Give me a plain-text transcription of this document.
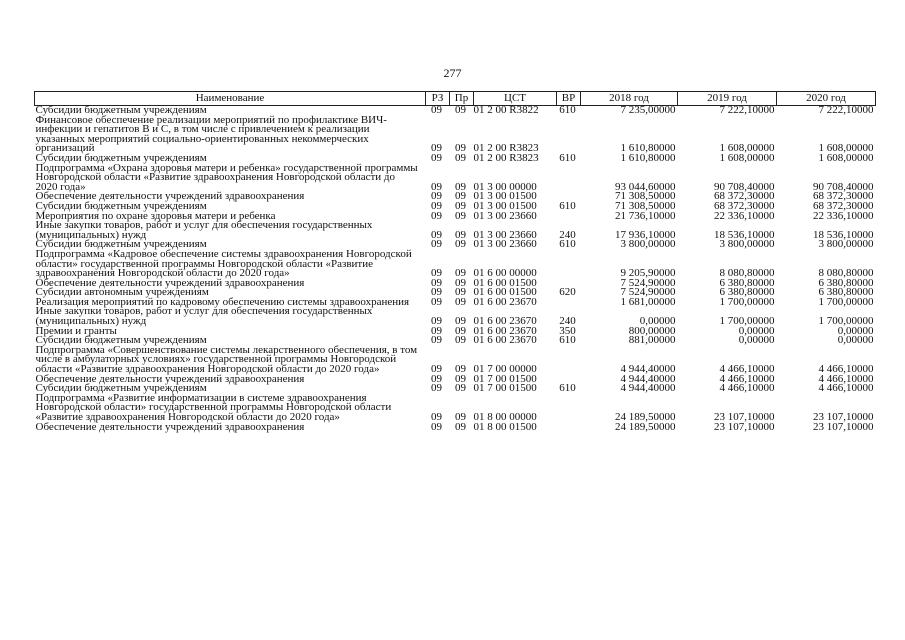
277
Наименование	РЗ	Пр	ЦСТ	ВР	2018 год	2019 год	2020 год
Субсидии бюджетным учреждениям	09	09	01 2 00 R3822	610	7 235,00000	7 222,10000	7 222,10000
Финансовое обеспечение реализации мероприятий по профилактике ВИЧ-инфекции и гепатитов В и С, в том числе с привлечением к реализации указанных мероприятий социально-ориентированных некоммерческих организаций	09	09	01 2 00 R3823		1 610,80000	1 608,00000	1 608,00000
Субсидии бюджетным учреждениям	09	09	01 2 00 R3823	610	1 610,80000	1 608,00000	1 608,00000
Подпрограмма «Охрана здоровья матери и ребенка» государственной программы Новгородской области «Развитие здравоохранения Новгородской области до 2020 года»	09	09	01 3 00 00000		93 044,60000	90 708,40000	90 708,40000
Обеспечение деятельности учреждений здравоохранения	09	09	01 3 00 01500		71 308,50000	68 372,30000	68 372,30000
Субсидии бюджетным учреждениям	09	09	01 3 00 01500	610	71 308,50000	68 372,30000	68 372,30000
Мероприятия по охране здоровья матери и ребенка	09	09	01 3 00 23660		21 736,10000	22 336,10000	22 336,10000
Иные закупки товаров, работ и услуг для обеспечения государственных (муниципальных) нужд	09	09	01 3 00 23660	240	17 936,10000	18 536,10000	18 536,10000
Субсидии бюджетным учреждениям	09	09	01 3 00 23660	610	3 800,00000	3 800,00000	3 800,00000
Подпрограмма «Кадровое обеспечение системы здравоохранения Новгородской области» государственной программы Новгородской области «Развитие здравоохранения Новгородской области до 2020 года»	09	09	01 6 00 00000		9 205,90000	8 080,80000	8 080,80000
Обеспечение деятельности учреждений здравоохранения	09	09	01 6 00 01500		7 524,90000	6 380,80000	6 380,80000
Субсидии автономным учреждениям	09	09	01 6 00 01500	620	7 524,90000	6 380,80000	6 380,80000
Реализация мероприятий по кадровому обеспечению системы здравоохранения	09	09	01 6 00 23670		1 681,00000	1 700,00000	1 700,00000
Иные закупки товаров, работ и услуг для обеспечения государственных (муниципальных) нужд	09	09	01 6 00 23670	240	0,00000	1 700,00000	1 700,00000
Премии и гранты	09	09	01 6 00 23670	350	800,00000	0,00000	0,00000
Субсидии бюджетным учреждениям	09	09	01 6 00 23670	610	881,00000	0,00000	0,00000
Подпрограмма «Совершенствование системы лекарственного обеспечения, в том числе в амбулаторных условиях» государственной программы Новгородской области «Развитие здравоохранения Новгородской области до 2020 года»	09	09	01 7 00 00000		4 944,40000	4 466,10000	4 466,10000
Обеспечение деятельности учреждений здравоохранения	09	09	01 7 00 01500		4 944,40000	4 466,10000	4 466,10000
Субсидии бюджетным учреждениям	09	09	01 7 00 01500	610	4 944,40000	4 466,10000	4 466,10000
Подпрограмма «Развитие информатизации в системе здравоохранения Новгородской области» государственной программы Новгородской области «Развитие здравоохранения Новгородской области до 2020 года»	09	09	01 8 00 00000		24 189,50000	23 107,10000	23 107,10000
Обеспечение деятельности учреждений здравоохранения	09	09	01 8 00 01500		24 189,50000	23 107,10000	23 107,10000
